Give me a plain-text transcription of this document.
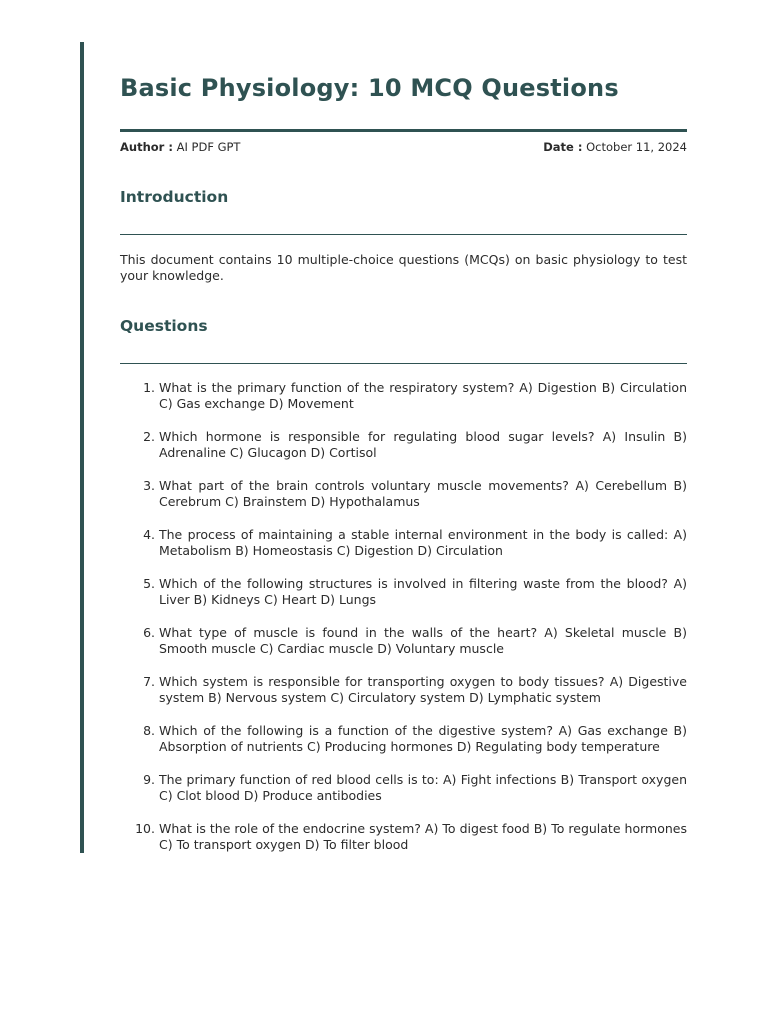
Basic Physiology: 10 MCQ Questions
Author : AI PDF GPT	Date : October 11, 2024
Introduction

This document contains 10 multiple-choice questions (MCQs) on basic physiology to test your knowledge.

Questions
1. What is the primary function of the respiratory system? A) Digestion B) Circulation C) Gas exchange D) Movement
2. Which hormone is responsible for regulating blood sugar levels? A) Insulin B) Adrenaline C) Glucagon D) Cortisol
3. What part of the brain controls voluntary muscle movements? A) Cerebellum B) Cerebrum C) Brainstem D) Hypothalamus
4. The process of maintaining a stable internal environment in the body is called: A) Metabolism B) Homeostasis C) Digestion D) Circulation
5. Which of the following structures is involved in filtering waste from the blood? A) Liver B) Kidneys C) Heart D) Lungs
6. What type of muscle is found in the walls of the heart? A) Skeletal muscle B) Smooth muscle C) Cardiac muscle D) Voluntary muscle
7. Which system is responsible for transporting oxygen to body tissues? A) Digestive system B) Nervous system C) Circulatory system D) Lymphatic system
8. Which of the following is a function of the digestive system? A) Gas exchange B) Absorption of nutrients C) Producing hormones D) Regulating body temperature
9. The primary function of red blood cells is to: A) Fight infections B) Transport oxygen C) Clot blood D) Produce antibodies
10. What is the role of the endocrine system? A) To digest food B) To regulate hormones C) To transport oxygen D) To filter blood
